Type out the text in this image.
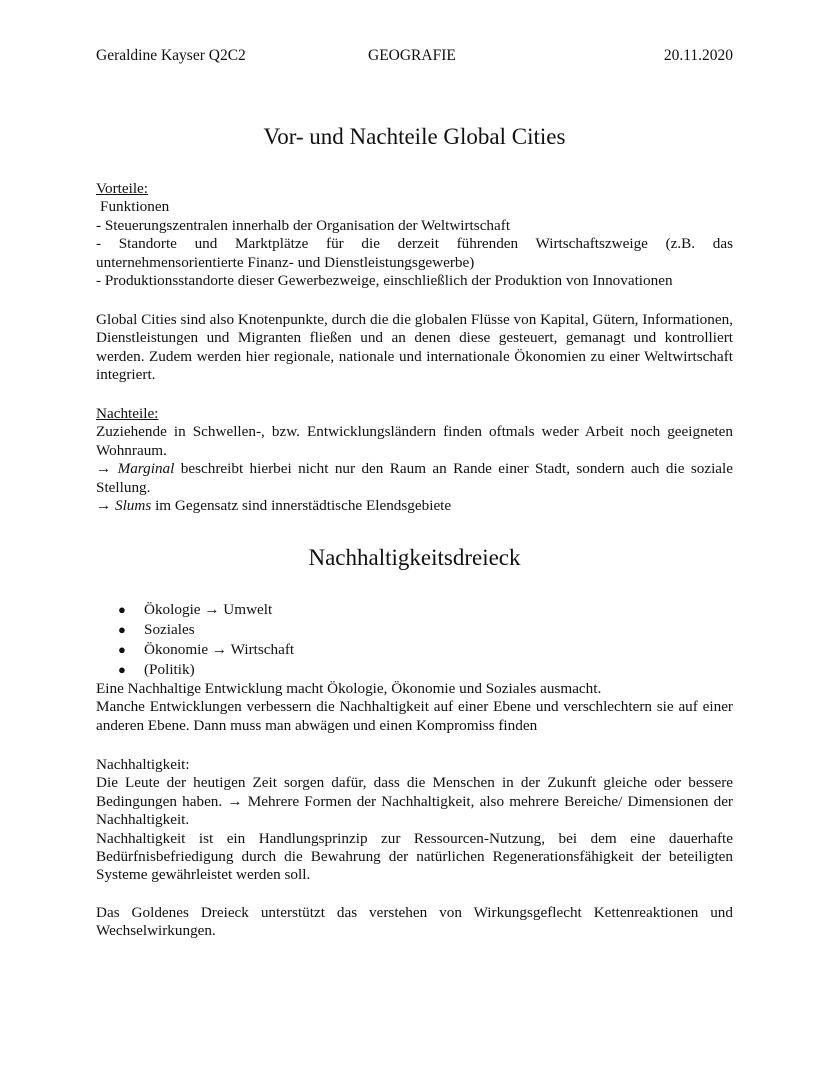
Geraldine Kayser Q2C2	GEOGRAFIE	20.11.2020
Vor- und Nachteile Global Cities

Vorteile:

Funktionen

- Steuerungszentralen innerhalb der Organisation der Weltwirtschaft

- Standorte und Marktplätze für die derzeit führenden Wirtschaftszweige (z.B. das unternehmensorientierte Finanz- und Dienstleistungsgewerbe)

- Produktionsstandorte dieser Gewerbezweige, einschließlich der Produktion von Innovationen

Global Cities sind also Knotenpunkte, durch die die globalen Flüsse von Kapital, Gütern, Informationen, Dienstleistungen und Migranten fließen und an denen diese gesteuert, gemanagt und kontrolliert werden. Zudem werden hier regionale, nationale und internationale Ökonomien zu einer Weltwirtschaft integriert.

Nachteile:

Zuziehende in Schwellen-, bzw. Entwicklungsländern finden oftmals weder Arbeit noch geeigneten Wohnraum.

→ Marginal beschreibt hierbei nicht nur den Raum an Rande einer Stadt, sondern auch die soziale Stellung.

→ Slums im Gegensatz sind innerstädtische Elendsgebiete

Nachhaltigkeitsdreieck
● Ökologie → Umwelt
● Soziales
● Ökonomie → Wirtschaft
● (Politik)

Eine Nachhaltige Entwicklung macht Ökologie, Ökonomie und Soziales ausmacht.

Manche Entwicklungen verbessern die Nachhaltigkeit auf einer Ebene und verschlechtern sie auf einer anderen Ebene. Dann muss man abwägen und einen Kompromiss finden

Nachhaltigkeit:

Die Leute der heutigen Zeit sorgen dafür, dass die Menschen in der Zukunft gleiche oder bessere Bedingungen haben. → Mehrere Formen der Nachhaltigkeit, also mehrere Bereiche/ Dimensionen der Nachhaltigkeit.

Nachhaltigkeit ist ein Handlungsprinzip zur Ressourcen-Nutzung, bei dem eine dauerhafte Bedürfnisbefriedigung durch die Bewahrung der natürlichen Regenerationsfähigkeit der beteiligten Systeme gewährleistet werden soll.

Das Goldenes Dreieck unterstützt das verstehen von Wirkungsgeflecht Kettenreaktionen und Wechselwirkungen.
